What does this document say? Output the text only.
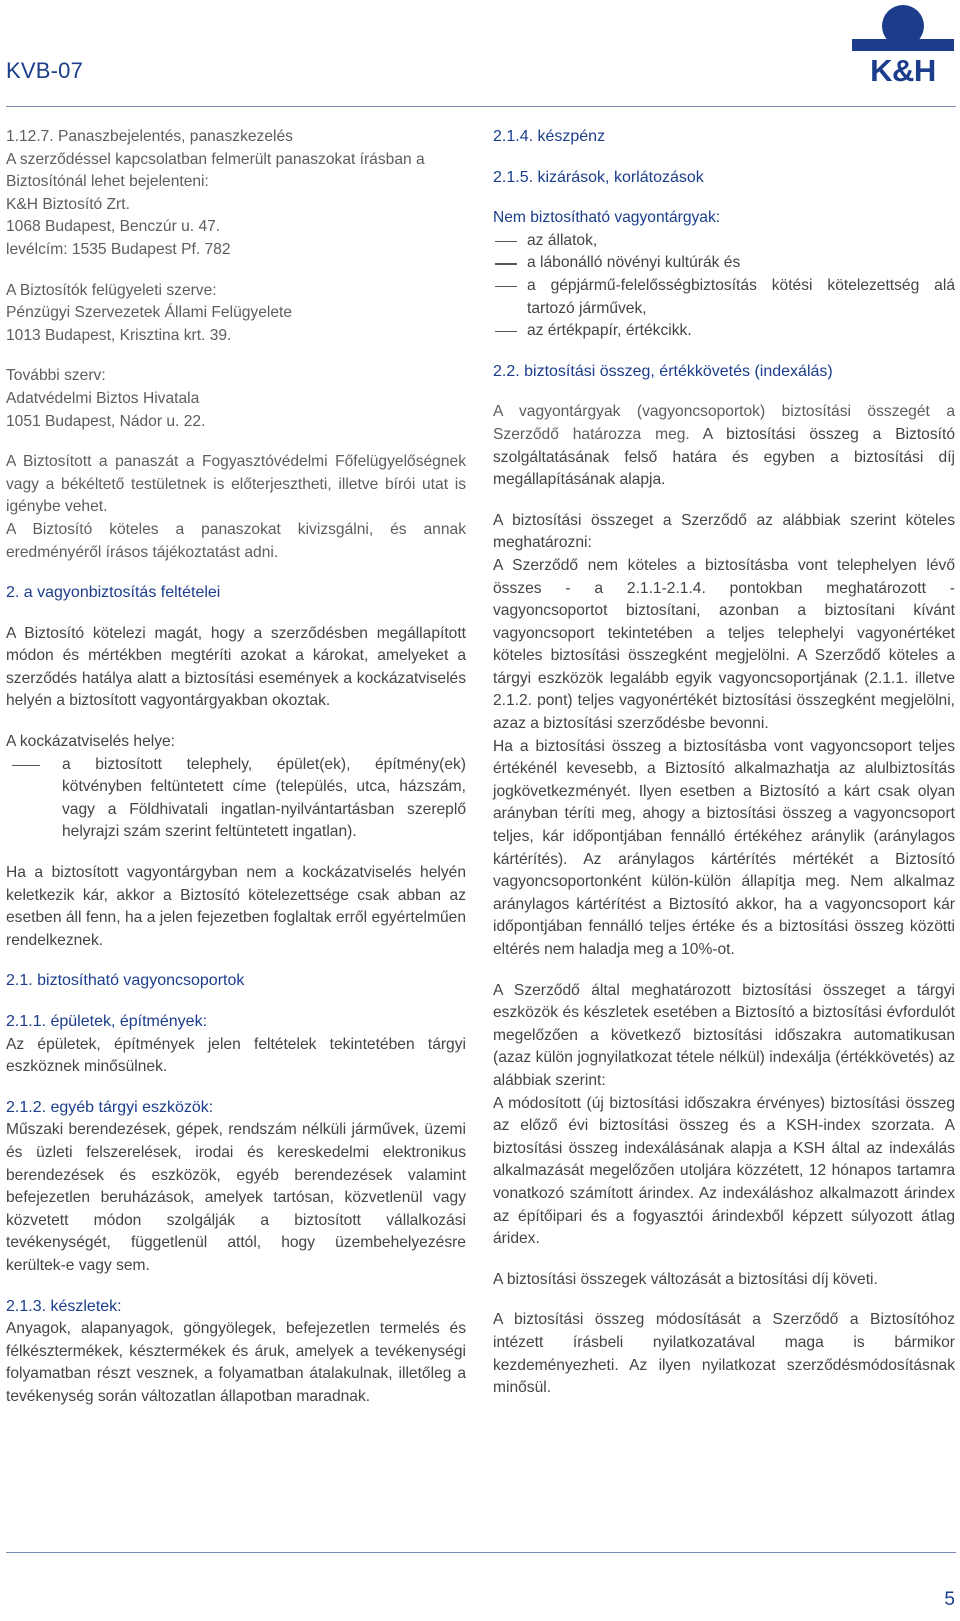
KVB-07	K&H

1.12.7. Panaszbejelentés, panaszkezelés

A szerződéssel kapcsolatban felmerült panaszokat írásban a

Biztosítónál lehet bejelenteni:

K&H Biztosító Zrt.

1068 Budapest, Benczúr u. 47.

levélcím: 1535 Budapest Pf. 782

A Biztosítók felügyeleti szerve:

Pénzügyi Szervezetek Állami Felügyelete

1013 Budapest, Krisztina krt. 39.

További szerv:

Adatvédelmi Biztos Hivatala

1051 Budapest, Nádor u. 22.

A Biztosított a panaszát a Fogyasztóvédelmi Főfelügyelőségnek vagy a békéltető testületnek is előterjesztheti, illetve bírói utat is igénybe vehet.

A Biztosító köteles a panaszokat kivizsgálni, és annak eredményéről írásos tájékoztatást adni.

2. a vagyonbiztosítás feltételei

A Biztosító kötelezi magát, hogy a szerződésben megállapított módon és mértékben megtéríti azokat a károkat, amelyeket a szerződés hatálya alatt a biztosítási események a kockázatviselés helyén a biztosított vagyontárgyakban okoztak.

A kockázatviselés helye:

a biztosított telephely, épület(ek), építmény(ek) kötvényben feltüntetett címe (település, utca, házszám, vagy a Földhivatali ingatlan-nyilvántartásban szereplő helyrajzi szám szerint feltüntetett ingatlan).

Ha a biztosított vagyontárgyban nem a kockázatviselés helyén keletkezik kár, akkor a Biztosító kötelezettsége csak abban az esetben áll fenn, ha a jelen fejezetben foglaltak erről egyértelműen rendelkeznek.

2.1. biztosítható vagyoncsoportok

2.1.1. épületek, építmények:

Az épületek, építmények jelen feltételek tekintetében tárgyi eszköznek minősülnek.

2.1.2. egyéb tárgyi eszközök:

Műszaki berendezések, gépek, rendszám nélküli járművek, üzemi és üzleti felszerelések, irodai és kereskedelmi elektronikus berendezések és eszközök, egyéb berendezések valamint befejezetlen beruházások, amelyek tartósan, közvetlenül vagy közvetett módon szolgálják a biztosított vállalkozási tevékenységét, függetlenül attól, hogy üzembehelyezésre kerültek-e vagy sem.

2.1.3. készletek:

Anyagok, alapanyagok, göngyölegek, befejezetlen termelés és félkésztermékek, késztermékek és áruk, amelyek a tevékenységi folyamatban részt vesznek, a folyamatban átalakulnak, illetőleg a tevékenység során változatlan állapotban maradnak.

2.1.4. készpénz

2.1.5. kizárások, korlátozások

Nem biztosítható vagyontárgyak:

az állatok,
a lábonálló növényi kultúrák és
a gépjármű-felelősségbiztosítás kötési kötelezettség alá tartozó járművek,
az értékpapír, értékcikk.

2.2. biztosítási összeg, értékkövetés (indexálás)

A vagyontárgyak (vagyoncsoportok) biztosítási összegét a Szerződő határozza meg. A biztosítási összeg a Biztosító szolgáltatásának felső határa és egyben a biztosítási díj megállapításának alapja.

A biztosítási összeget a Szerződő az alábbiak szerint köteles meghatározni:

A Szerződő nem köteles a biztosításba vont telephelyen lévő összes - a 2.1.1-2.1.4. pontokban meghatározott - vagyoncsoportot biztosítani, azonban a biztosítani kívánt vagyoncsoport tekintetében a teljes telephelyi vagyonértéket köteles biztosítási összegként megjelölni. A Szerződő köteles a tárgyi eszközök legalább egyik vagyoncsoportjának (2.1.1. illetve 2.1.2. pont) teljes vagyonértékét biztosítási összegként megjelölni, azaz a biztosítási szerződésbe bevonni.

Ha a biztosítási összeg a biztosításba vont vagyoncsoport teljes értékénél kevesebb, a Biztosító alkalmazhatja az alulbiztosítás jogkövetkezményét. Ilyen esetben a Biztosító a kárt csak olyan arányban téríti meg, ahogy a biztosítási összeg a vagyoncsoport teljes, kár időpontjában fennálló értékéhez aránylik (aránylagos kártérítés). Az aránylagos kártérítés mértékét a Biztosító vagyoncsoportonként külön-külön állapítja meg. Nem alkalmaz aránylagos kártérítést a Biztosító akkor, ha a vagyoncsoport kár időpontjában fennálló teljes értéke és a biztosítási összeg közötti eltérés nem haladja meg a 10%-ot.

A Szerződő által meghatározott biztosítási összeget a tárgyi eszközök és készletek esetében a Biztosító a biztosítási évfordulót megelőzően a következő biztosítási időszakra automatikusan (azaz külön jognyilatkozat tétele nélkül) indexálja (értékkövetés) az alábbiak szerint:

A módosított (új biztosítási időszakra érvényes) biztosítási összeg az előző évi biztosítási összeg és a KSH-index szorzata. A biztosítási összeg indexálásának alapja a KSH által az indexálás alkalmazását megelőzően utoljára közzétett, 12 hónapos tartamra vonatkozó számított árindex. Az indexáláshoz alkalmazott árindex az építőipari és a fogyasztói árindexből képzett súlyozott átlag áridex.

A biztosítási összegek változását a biztosítási díj követi.

A biztosítási összeg módosítását a Szerződő a Biztosítóhoz intézett írásbeli nyilatkozatával maga is bármikor kezdeményezheti. Az ilyen nyilatkozat szerződésmódosításnak minősül.

5
